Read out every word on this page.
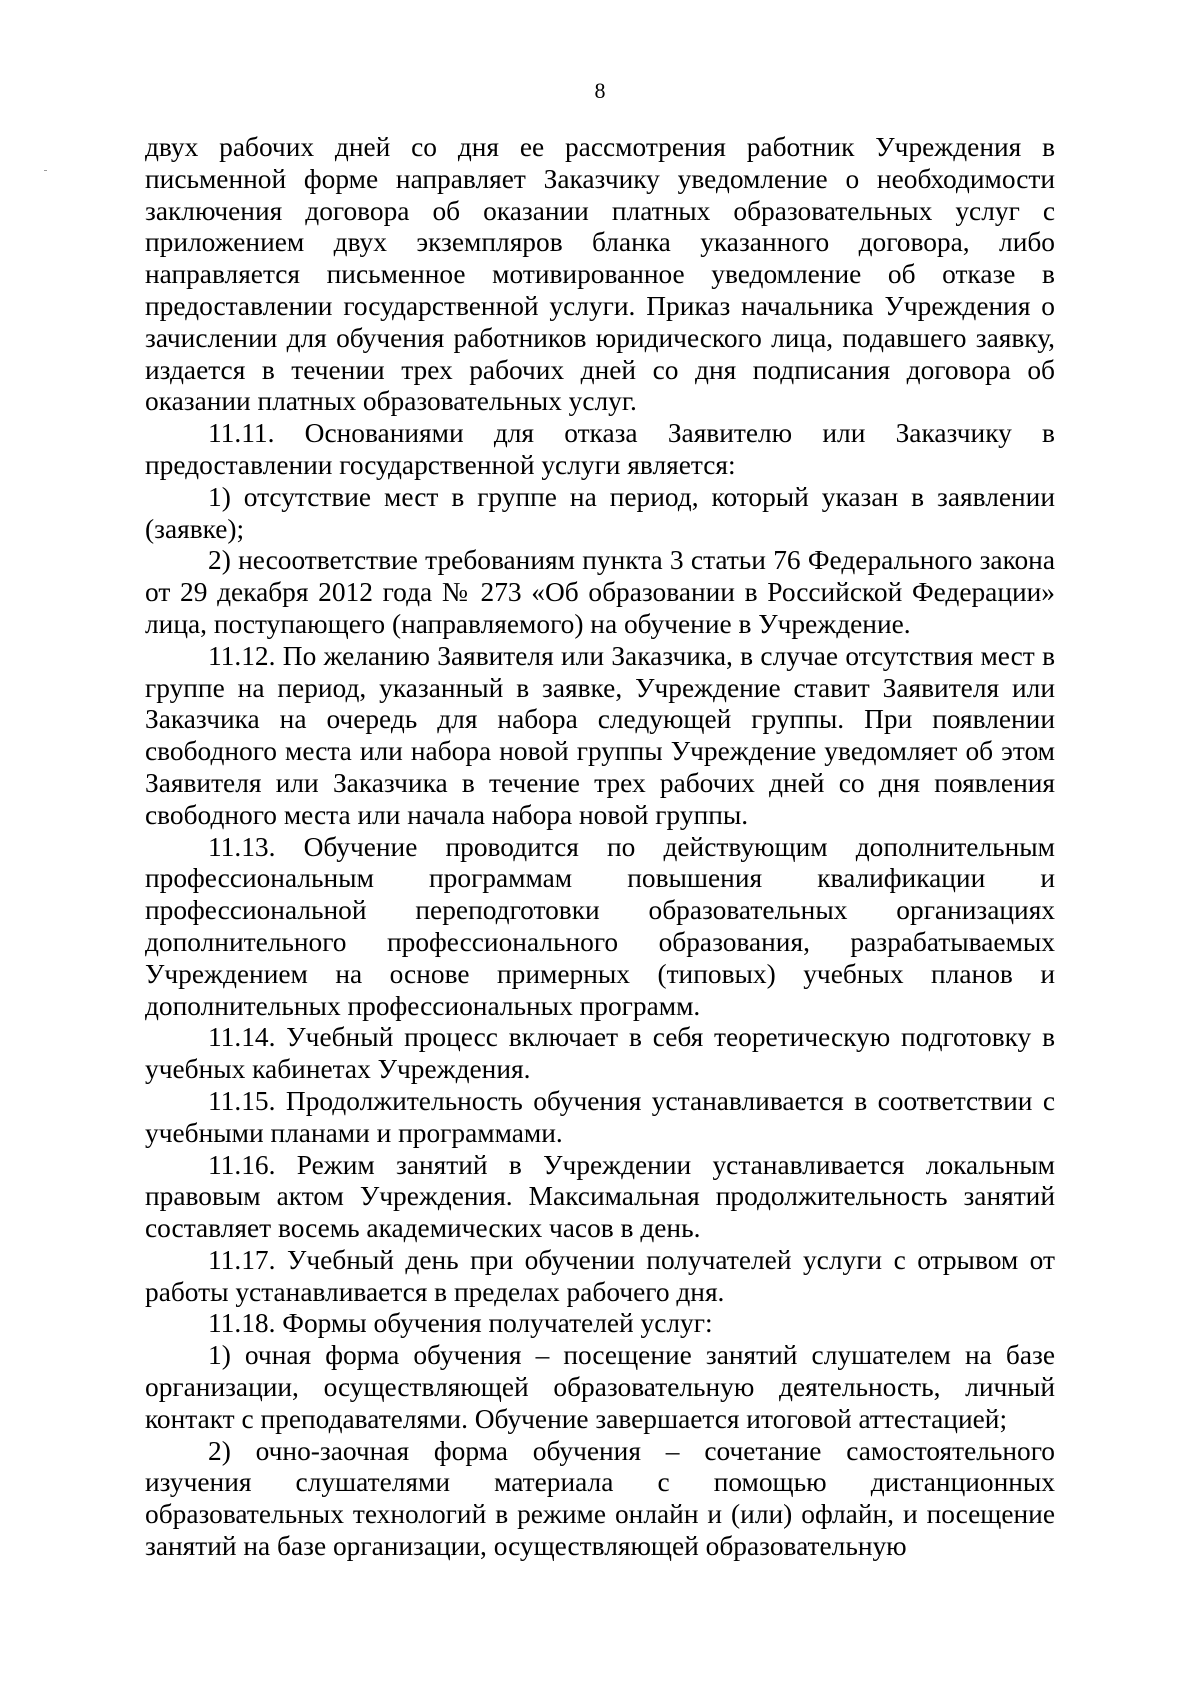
8

двух рабочих дней со дня ее рассмотрения работник Учреждения в письменной форме направляет Заказчику уведомление о необходимости заключения договора об оказании платных образовательных услуг с приложением двух экземпляров бланка указанного договора, либо направляется письменное мотивированное уведомление об отказе в предоставлении государственной услуги. Приказ начальника Учреждения о зачислении для обучения работников юридического лица, подавшего заявку, издается в течении трех рабочих дней со дня подписания договора об оказании платных образовательных услуг.

11.11. Основаниями для отказа Заявителю или Заказчику в предоставлении государственной услуги является:

1) отсутствие мест в группе на период, который указан в заявлении (заявке);

2) несоответствие требованиям пункта 3 статьи 76 Федерального закона от 29 декабря 2012 года № 273 «Об образовании в Российской Федерации» лица, поступающего (направляемого) на обучение в Учреждение.

11.12. По желанию Заявителя или Заказчика, в случае отсутствия мест в группе на период, указанный в заявке, Учреждение ставит Заявителя или Заказчика на очередь для набора следующей группы. При появлении свободного места или набора новой группы Учреждение уведомляет об этом Заявителя или Заказчика в течение трех рабочих дней со дня появления свободного места или начала набора новой группы.

11.13. Обучение проводится по действующим дополнительным профессиональным программам повышения квалификации и профессиональной переподготовки образовательных организациях дополнительного профессионального образования, разрабатываемых Учреждением на основе примерных (типовых) учебных планов и дополнительных профессиональных программ.

11.14. Учебный процесс включает в себя теоретическую подготовку в учебных кабинетах Учреждения.

11.15. Продолжительность обучения устанавливается в соответствии с учебными планами и программами.

11.16. Режим занятий в Учреждении устанавливается локальным правовым актом Учреждения. Максимальная продолжительность занятий составляет восемь академических часов в день.

11.17. Учебный день при обучении получателей услуги с отрывом от работы устанавливается в пределах рабочего дня.

11.18. Формы обучения получателей услуг:

1) очная форма обучения – посещение занятий слушателем на базе организации, осуществляющей образовательную деятельность, личный контакт с преподавателями. Обучение завершается итоговой аттестацией;

2) очно-заочная форма обучения – сочетание самостоятельного изучения слушателями материала с помощью дистанционных образовательных технологий в режиме онлайн и (или) офлайн, и посещение занятий на базе организации, осуществляющей образовательную
